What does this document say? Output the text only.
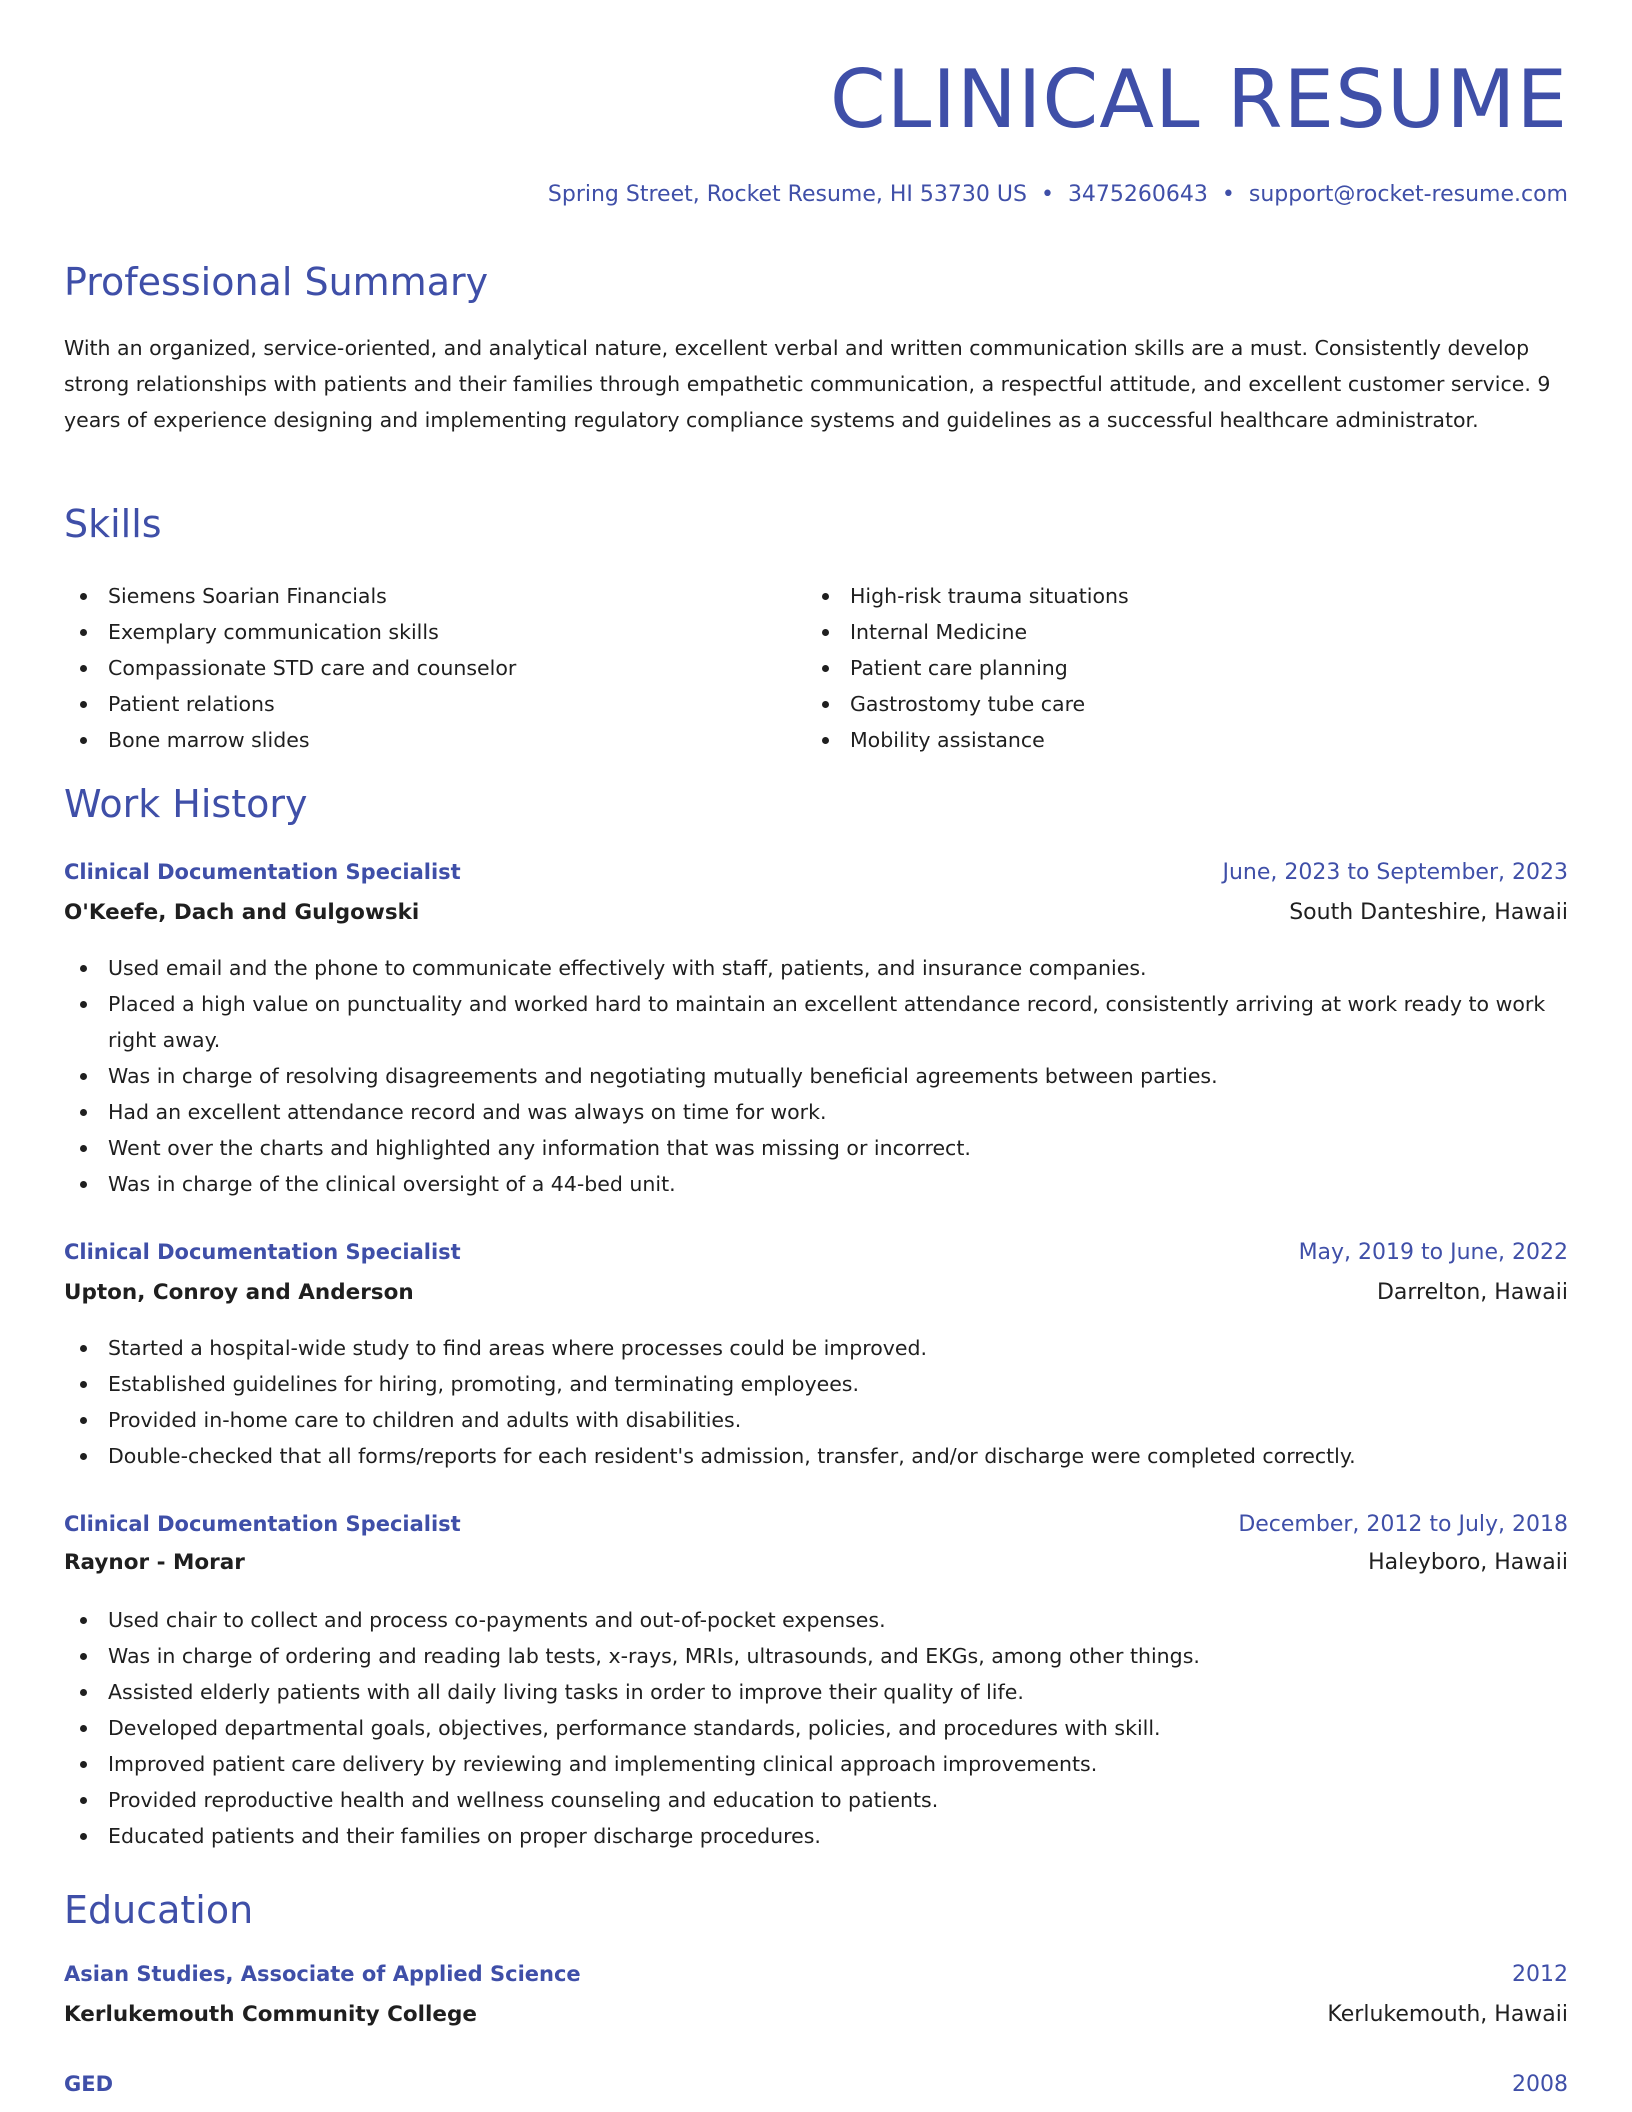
CLINICAL RESUME
Spring Street, Rocket Resume, HI 53730 US • 3475260643 • support@rocket-resume.com
Professional Summary
With an organized, service-oriented, and analytical nature, excellent verbal and written communication skills are a must. Consistently develop strong relationships with patients and their families through empathetic communication, a respectful attitude, and excellent customer service. 9 years of experience designing and implementing regulatory compliance systems and guidelines as a successful healthcare administrator.
Skills
Siemens Soarian Financials
Exemplary communication skills
Compassionate STD care and counselor
Patient relations
Bone marrow slides
High-risk trauma situations
Internal Medicine
Patient care planning
Gastrostomy tube care
Mobility assistance
Work History
Clinical Documentation Specialist	June, 2023 to September, 2023
O'Keefe, Dach and Gulgowski	South Danteshire, Hawaii
Used email and the phone to communicate effectively with staff, patients, and insurance companies.
Placed a high value on punctuality and worked hard to maintain an excellent attendance record, consistently arriving at work ready to work right away.
Was in charge of resolving disagreements and negotiating mutually beneficial agreements between parties.
Had an excellent attendance record and was always on time for work.
Went over the charts and highlighted any information that was missing or incorrect.
Was in charge of the clinical oversight of a 44-bed unit.
Clinical Documentation Specialist	May, 2019 to June, 2022
Upton, Conroy and Anderson	Darrelton, Hawaii
Started a hospital-wide study to find areas where processes could be improved.
Established guidelines for hiring, promoting, and terminating employees.
Provided in-home care to children and adults with disabilities.
Double-checked that all forms/reports for each resident's admission, transfer, and/or discharge were completed correctly.
Clinical Documentation Specialist	December, 2012 to July, 2018
Raynor - Morar	Haleyboro, Hawaii
Used chair to collect and process co-payments and out-of-pocket expenses.
Was in charge of ordering and reading lab tests, x-rays, MRIs, ultrasounds, and EKGs, among other things.
Assisted elderly patients with all daily living tasks in order to improve their quality of life.
Developed departmental goals, objectives, performance standards, policies, and procedures with skill.
Improved patient care delivery by reviewing and implementing clinical approach improvements.
Provided reproductive health and wellness counseling and education to patients.
Educated patients and their families on proper discharge procedures.
Education
Asian Studies, Associate of Applied Science	2012
Kerlukemouth Community College	Kerlukemouth, Hawaii
GED	2008
